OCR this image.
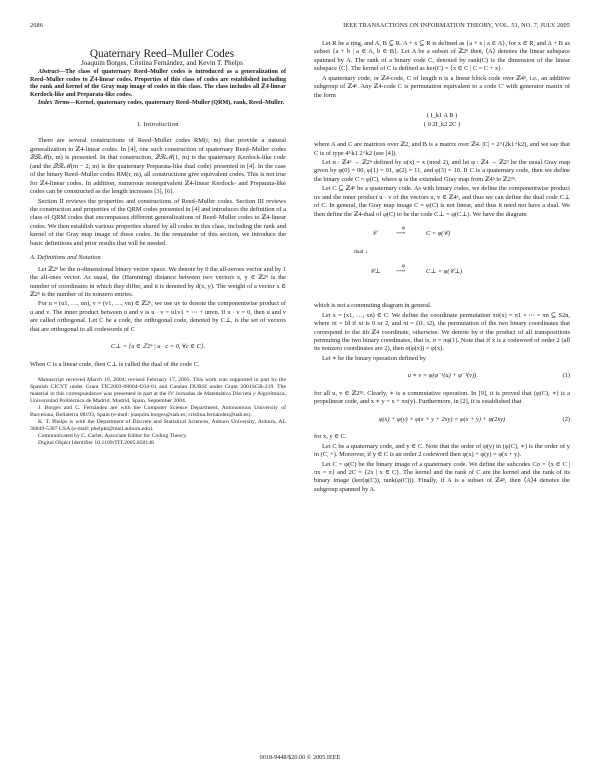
2686	IEEE TRANSACTIONS ON INFORMATION THEORY, VOL. 51, NO. 7, JULY 2005

Quaternary Reed–Muller Codes

Joaquim Borges, Cristina Fernández, and Kevin T. Phelps

Abstract—The class of quaternary Reed–Muller codes is introduced as a generalization of Reed–Muller codes to ℤ4-linear codes. Properties of this class of codes are established including the rank and kernel of the Gray map image of codes in this class. The class includes all ℤ4-linear Kerdock-like and Preparata-like codes.

Index Terms—Kernel, quaternary codes, quaternary Reed–Muller (QRM), rank, Reed–Muller.

I. Introduction

There are several constructions of Reed–Muller codes RM(r, m) that provide a natural generalization to ℤ4-linear codes. In [4], one such construction of quaternary Reed–Muller codes 𝒬ℛℳ(r, m) is presented. In that construction, 𝒬ℛℳ(1, m) is the quaternary Kerdock-like code (and the 𝒬ℛℳ(m − 2, m) is the quaternary Preparata-like dual code) presented in [4]. In the case of the binary Reed–Muller codes RM(r, m), all constructions give equivalent codes. This is not true for ℤ4-linear codes. In addition, numerous nonequivalent ℤ4-linear Kerdock- and Preparata-like codes can be constructed as the length increases [3], [6].

Section II reviews the properties and constructions of Reed–Muller codes. Section III reviews the construction and properties of the QRM codes presented in [4] and introduces the definition of a class of QRM codes that encompasses different generalizations of Reed–Muller codes to ℤ4-linear codes. We then establish various properties shared by all codes in this class, including the rank and kernel of the Gray map image of these codes. In the remainder of this section, we introduce the basic definitions and prior results that will be needed.

A. Definitions and Notation

Let ℤ2ⁿ be the n-dimensional binary vector space. We denote by 0 the all-zeroes vector and by 1 the all-ones vector. As usual, the (Hamming) distance between two vectors x, y ∈ ℤ2ⁿ is the number of coordinates in which they differ, and it is denoted by d(x, y). The weight of a vector x ∈ ℤ2ⁿ is the number of its nonzero entries.

For u = (u1, …, un), v = (v1, …, vn) ∈ ℤ2ⁿ, we use uv to denote the componentwise product of u and v. The inner product between u and v is u · v = u1v1 + ⋯ + unvn. If u · v = 0, then u and v are called orthogonal. Let C be a code, the orthogonal code, denoted by C⊥, is the set of vectors that are orthogonal to all codewords of C

C⊥ = {u ∈ ℤ2ⁿ | u · c = 0, ∀c ∈ C}.

When C is a linear code, then C⊥ is called the dual of the code C.

Manuscript received March 16, 2004; revised February 17, 2005. This work was supported in part by the Spanish CICYT under Grant TIC2003-08604-C04-01 and Catalan DURSI under Grant 2001SGR-219. The material in this correspondence was presented in part at the IV Jornadas de Matemática Discreta y Algorítmica, Universidad Politécnica de Madrid, Madrid, Spain, September 2004.

J. Borges and C. Fernández are with the Computer Science Department, Autonomous University of Barcelona, Bellaterra 08193, Spain (e-mail: joaquim.borges@uab.es; cristina.fernandez@uab.es).

K. T. Phelps is with the Department of Discrete and Statistical Sciences, Auburn University, Auburn, AL 36849-5307 USA (e-mail: phelpkt@mail.auburn.edu).

Communicated by C. Carlet, Associate Editor for Coding Theory.

Digital Object Identifier 10.1109/TIT.2005.850148

Let R be a ring, and A, B ⊆ R. A + x ⊆ R is defined as {a + x | a ∈ A}, for x ∈ R, and A + B as subset {a + b | a ∈ A, b ∈ B}. Let A be a subset of ℤ2ⁿ then, ⟨A⟩ denotes the linear subspace spanned by A. The rank of a binary code C, denoted by rank(C) is the dimension of the linear subspace ⟨C⟩. The kernel of C is defined as ker(C) = {x ∈ C | C = C + x}.

A quaternary code, or ℤ4-code, C of length n is a linear block code over ℤ4ⁿ, i.e., an additive subgroup of ℤ4ⁿ. Any ℤ4-code C is permutation equivalent to a code C′ with generator matrix of the form

( I_k1 A B )
( 0 2I_k2 2C )

where A and C are matrices over ℤ2, and B is a matrix over ℤ4. |C| = 2^(2k1+k2), and we say that C is of type 4^k1 2^k2 (see [4]).

Let α : ℤ4ⁿ → ℤ2ⁿ defined by α(x) = x (mod 2), and let φ : ℤ4 → ℤ2² be the usual Gray map given by φ(0) = 00, φ(1) = 01, φ(2) = 11, and φ(3) = 10. If C is a quaternary code, then we define the binary code C = φ(C), where φ is the extended Gray map from ℤ4ⁿ to ℤ2²ⁿ.

Let C ⊆ ℤ4ⁿ be a quaternary code. As with binary codes, we define the componentwise product uv and the inner product u · v of the vectors u, v ∈ ℤ4ⁿ, and thus we can define the dual code C⊥ of C. In general, the Gray map image C = φ(C) is not linear, and thus it need not have a dual. We then define the ℤ4-dual of φ(C) to be the code C⊥ = φ(C⊥). We have the diagram

𝒞
φ
⟶	C = φ(𝒞)
dual ↓
𝒞⊥
φ
⟶	C⊥ = φ(𝒞⊥)

which is not a commuting diagram in general.

Let x = (x1, …, xn) ∈ C. We define the coordinate permutation πσ(x) = π1 ∘ ⋯ ∘ πn ⊆ S2n, where πi = Id if xi is 0 or 2, and πi = (i1, i2), the permutation of the two binary coordinates that correspond to the ith ℤ4 coordinate, otherwise. We denote by σ the product of all transpositions permuting the two binary coordinates, that is, σ = πφ(1). Note that if x is a codeword of order 2 (all its nonzero coordinates are 2), then σ(φ(x)) = φ(x).

Let ∗ be the binary operation defined by

u ∗ v = φ(φ⁻¹(u) + φ⁻¹(v))	(1)

for all u, v ∈ ℤ2²ⁿ. Clearly, ∗ is a commutative operation. In [9], it is proved that (φ(C), ∗) is a propelinear code, and x ∗ y = x + πx(y). Furthermore, in [2], it is established that

φ(x) + φ(y) = φ(x + y + 2xy) = φ(x + y) + φ(2xy)	(2)

for x, y ∈ C.

Let C be a quaternary code, and y ∈ C. Note that the order of φ(y) in (φ(C), ∗) is the order of y in (C, +). Moreover, if y ∈ C is an order 2 codeword then φ(x) + φ(y) = φ(x + y).

Let C = φ(C) be the binary image of a quaternary code. We define the subcodes Cσ = {x ∈ C | πx = π} and 2C = {2x | x ∈ C}. The kernel and the rank of C are the kernel and the rank of its binary image (ker(φ(C)), rank(φ(C))). Finally, if A is a subset of ℤ4ⁿ, then ⟨A⟩4 denotes the subgroup spanned by A.

0018-9448/$20.00 © 2005 IEEE
